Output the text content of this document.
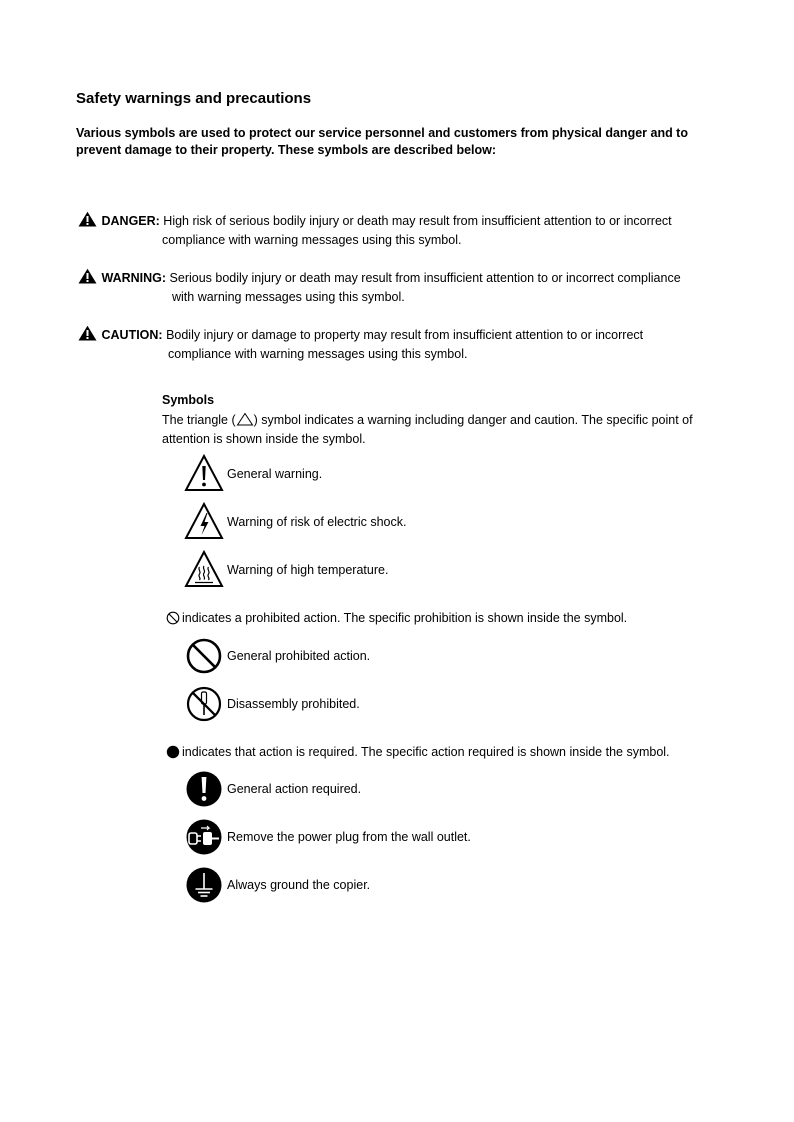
Safety warnings and precautions

Various symbols are used to protect our service personnel and customers from physical danger and to prevent damage to their property. These symbols are described below:

DANGER: High risk of serious bodily injury or death may result from insufficient attention to or incorrect
compliance with warning messages using this symbol.
WARNING: Serious bodily injury or death may result from insufficient attention to or incorrect compliance
with warning messages using this symbol.
CAUTION: Bodily injury or damage to property may result from insufficient attention to or incorrect
compliance with warning messages using this symbol.

Symbols

The triangle ( ) symbol indicates a warning including danger and caution. The specific point of attention is shown inside the symbol.

General warning.
Warning of risk of electric shock.
Warning of high temperature.
indicates a prohibited action. The specific prohibition is shown inside the symbol.
General prohibited action.
Disassembly prohibited.
indicates that action is required. The specific action required is shown inside the symbol.
General action required.
Remove the power plug from the wall outlet.
Always ground the copier.
